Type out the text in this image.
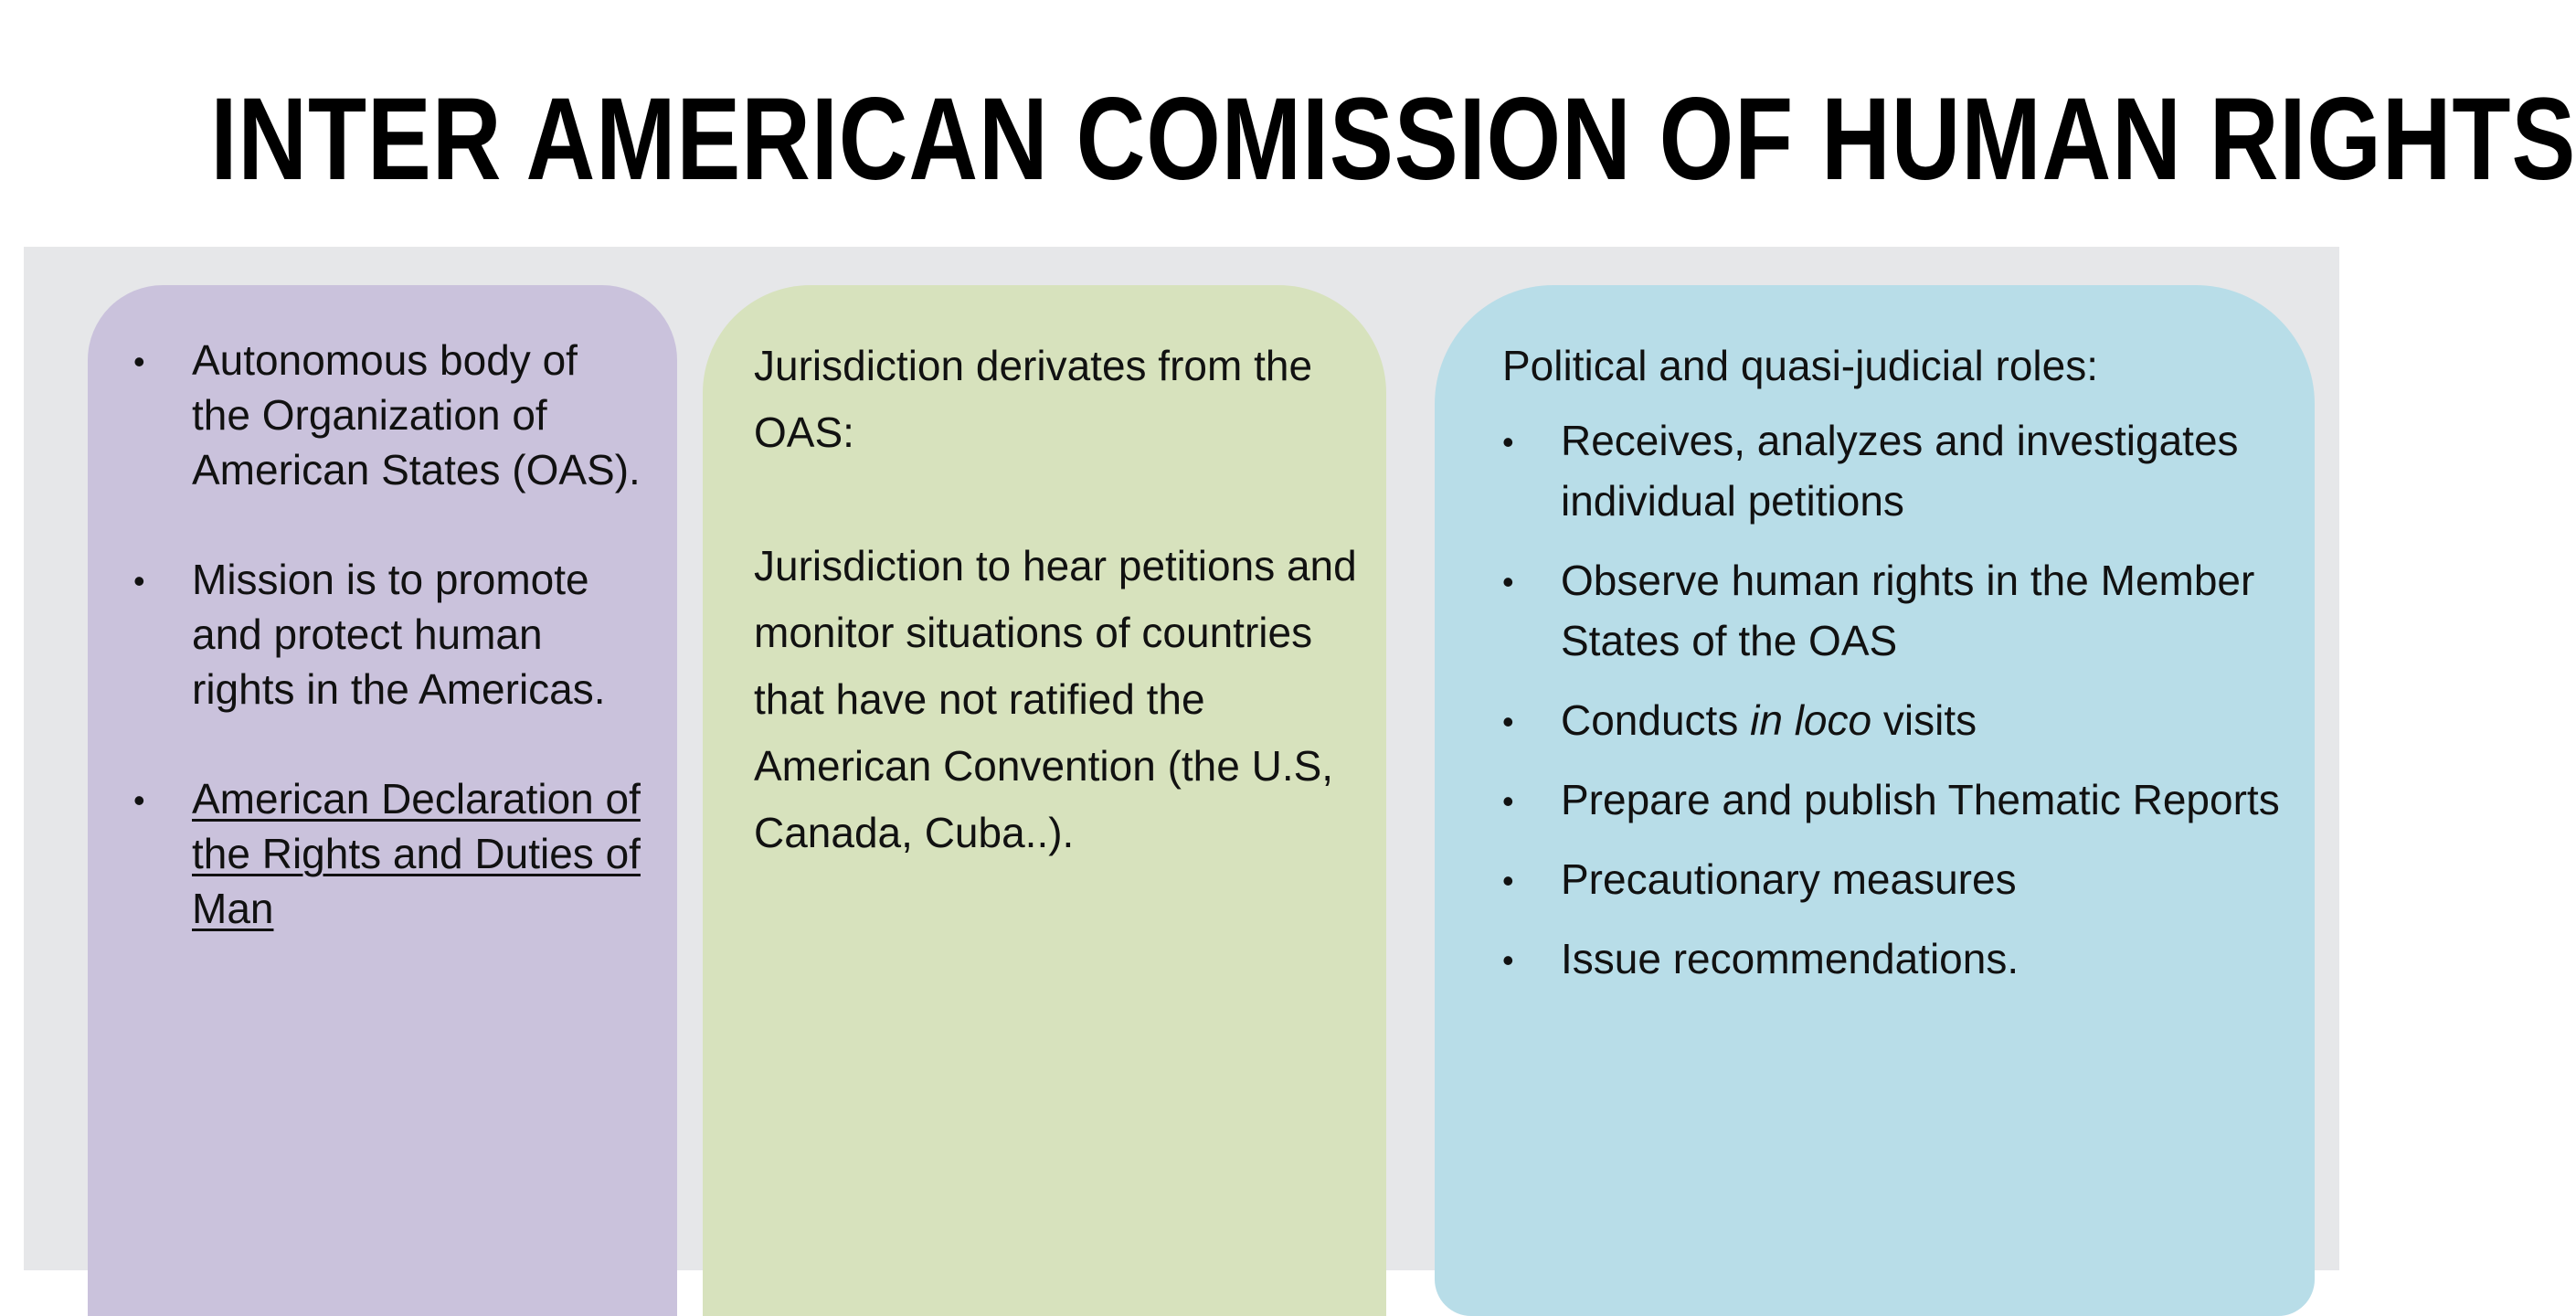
INTER AMERICAN COMISSION OF HUMAN RIGHTS
• Autonomous body of the Organization of American States (OAS).
• Mission is to promote and protect human rights in the Americas.
• American Declaration of the Rights and Duties of Man

Jurisdiction derivates from the OAS:

Jurisdiction to hear petitions and monitor situations of countries that have not ratified the American Convention (the U.S, Canada, Cuba..).

Political and quasi-judicial roles:

• Receives, analyzes and investigates individual petitions
• Observe human rights in the Member States of the OAS
• Conducts in loco visits
• Prepare and publish Thematic Reports
• Precautionary measures
• Issue recommendations.
